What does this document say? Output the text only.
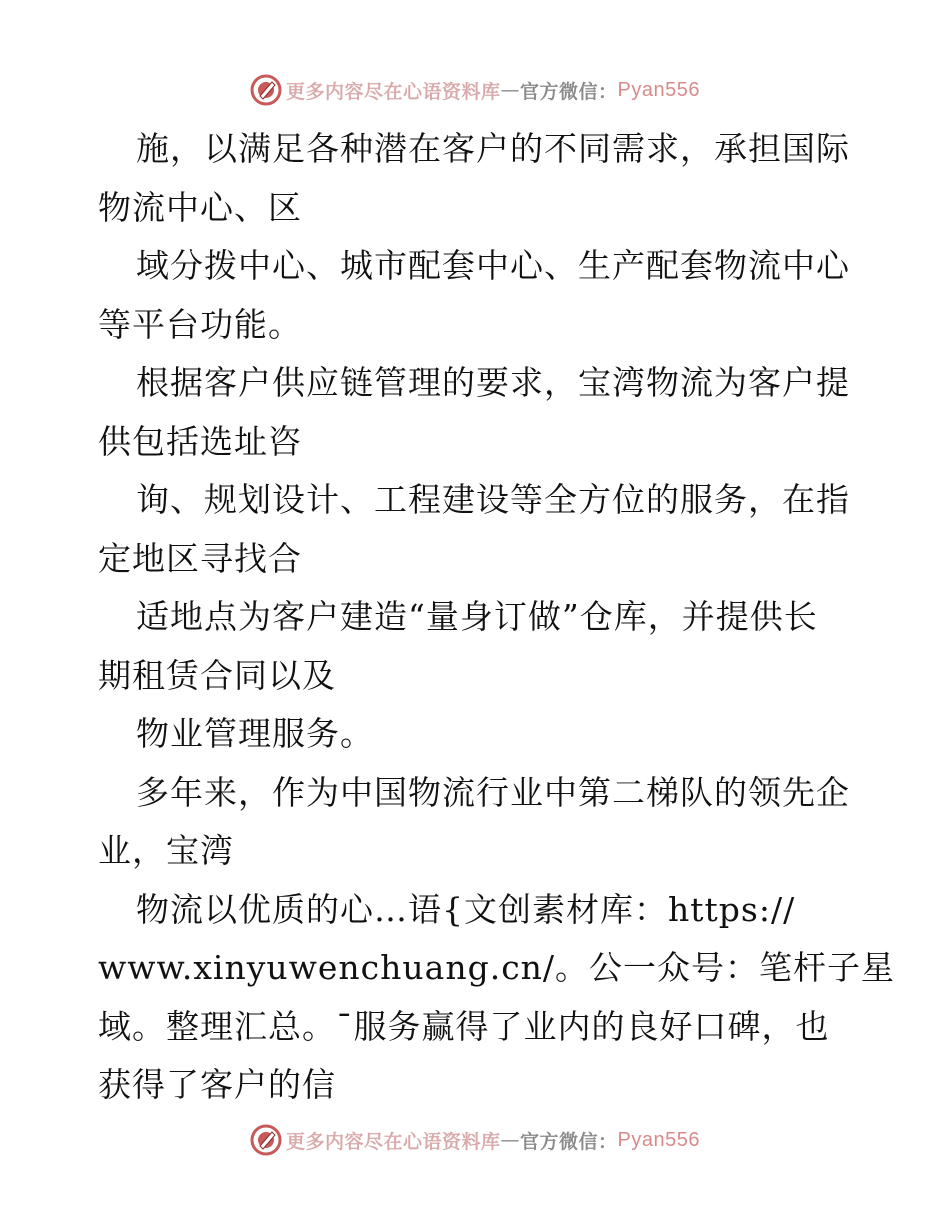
更多内容尽在心语资料库 — 官方微信： Pyan556
施，以满足各种潜在客户的不同需求，承担国际
物流中心、区
域分拨中心、城市配套中心、生产配套物流中心
等平台功能。
根据客户供应链管理的要求，宝湾物流为客户提
供包括选址咨
询、规划设计、工程建设等全方位的服务，在指
定地区寻找合
适地点为客户建造“量身订做”仓库，并提供长
期租赁合同以及
物业管理服务。
多年来，作为中国物流行业中第二梯队的领先企
业，宝湾
物流以优质的心…语{文创素材库：https://
www.xinyuwenchuang.cn/。公一众号：笔杆子星
域。整理汇总。¯服务赢得了业内的良好口碑，也
获得了客户的信
更多内容尽在心语资料库 — 官方微信： Pyan556
